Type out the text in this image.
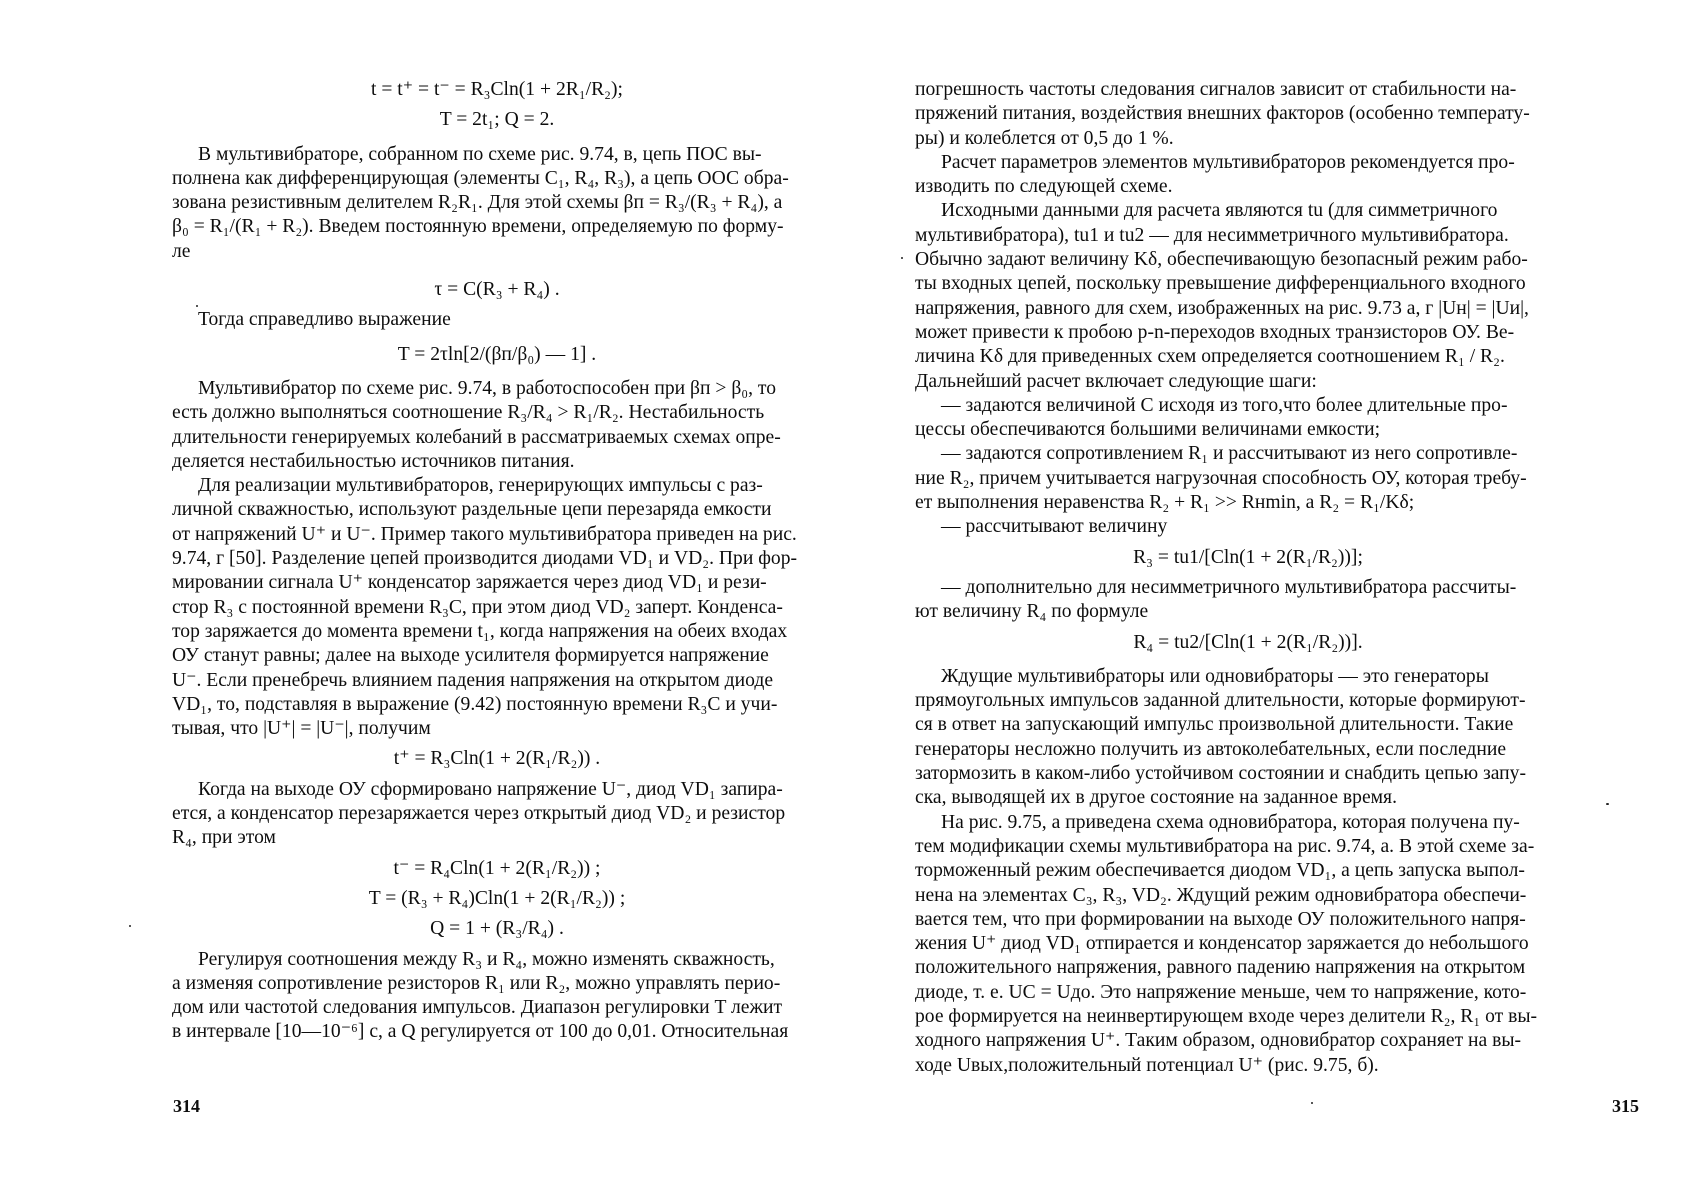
t = t⁺ = t⁻ = R₃Cln(1 + 2R₁/R₂);

T = 2t₁; Q = 2.

В мультивибраторе, собранном по схеме рис. 9.74, в, цепь ПОС вы-

полнена как дифференцирующая (элементы C₁, R₄, R₃), а цепь ООС обра-

зована резистивным делителем R₂R₁. Для этой схемы βп = R₃/(R₃ + R₄), а

β₀ = R₁/(R₁ + R₂). Введем постоянную времени, определяемую по форму-

ле

τ = C(R₃ + R₄) .

Тогда справедливо выражение

T = 2τln[2/(βп/β₀) — 1] .

Мультивибратор по схеме рис. 9.74, в работоспособен при βп > β₀, то

есть должно выполняться соотношение R₃/R₄ > R₁/R₂. Нестабильность

длительности генерируемых колебаний в рассматриваемых схемах опре-

деляется нестабильностью источников питания.

Для реализации мультивибраторов, генерирующих импульсы с раз-

личной скважностью, используют раздельные цепи перезаряда емкости

от напряжений U⁺ и U⁻. Пример такого мультивибратора приведен на рис.

9.74, г [50]. Разделение цепей производится диодами VD₁ и VD₂. При фор-

мировании сигнала U⁺ конденсатор заряжается через диод VD₁ и рези-

стор R₃ с постоянной времени R₃C, при этом диод VD₂ заперт. Конденса-

тор заряжается до момента времени t₁, когда напряжения на обеих входах

ОУ станут равны; далее на выходе усилителя формируется напряжение

U⁻. Если пренебречь влиянием падения напряжения на открытом диоде

VD₁, то, подставляя в выражение (9.42) постоянную времени R₃C и учи-

тывая, что |U⁺| = |U⁻|, получим

t⁺ = R₃Cln(1 + 2(R₁/R₂)) .

Когда на выходе ОУ сформировано напряжение U⁻, диод VD₁ запира-

ется, а конденсатор перезаряжается через открытый диод VD₂ и резистор

R₄, при этом

t⁻ = R₄Cln(1 + 2(R₁/R₂)) ;

T = (R₃ + R₄)Cln(1 + 2(R₁/R₂)) ;

Q = 1 + (R₃/R₄) .

Регулируя соотношения между R₃ и R₄, можно изменять скважность,

а изменяя сопротивление резисторов R₁ или R₂, можно управлять перио-

дом или частотой следования импульсов. Диапазон регулировки T лежит

в интервале [10—10⁻⁶] с, а Q регулируется от 100 до 0,01. Относительная

314

погрешность частоты следования сигналов зависит от стабильности на-

пряжений питания, воздействия внешних факторов (особенно температу-

ры) и колеблется от 0,5 до 1 %.

Расчет параметров элементов мультивибраторов рекомендуется про-

изводить по следующей схеме.

Исходными данными для расчета являются tu (для симметричного

мультивибратора), tu1 и tu2 — для несимметричного мультивибратора.

Обычно задают величину Kδ, обеспечивающую безопасный режим рабо-

ты входных цепей, поскольку превышение дифференциального входного

напряжения, равного для схем, изображенных на рис. 9.73 а, г |Uн| = |Uи|,

может привести к пробою p-n-переходов входных транзисторов ОУ. Ве-

личина Kδ для приведенных схем определяется соотношением R₁ / R₂.

Дальнейший расчет включает следующие шаги:

— задаются величиной C исходя из того,что более длительные про-

цессы обеспечиваются большими величинами емкости;

— задаются сопротивлением R₁ и рассчитывают из него сопротивле-

ние R₂, причем учитывается нагрузочная способность ОУ, которая требу-

ет выполнения неравенства R₂ + R₁ >> Rнmin, а R₂ = R₁/Kδ;

— рассчитывают величину

R₃ = tu1/[Cln(1 + 2(R₁/R₂))];

— дополнительно для несимметричного мультивибратора рассчиты-

ют величину R₄ по формуле

R₄ = tu2/[Cln(1 + 2(R₁/R₂))].

Ждущие мультивибраторы или одновибраторы — это генераторы

прямоугольных импульсов заданной длительности, которые формируют-

ся в ответ на запускающий импульс произвольной длительности. Такие

генераторы несложно получить из автоколебательных, если последние

затормозить в каком-либо устойчивом состоянии и снабдить цепью запу-

ска, выводящей их в другое состояние на заданное время.

На рис. 9.75, а приведена схема одновибратора, которая получена пу-

тем модификации схемы мультивибратора на рис. 9.74, а. В этой схеме за-

торможенный режим обеспечивается диодом VD₁, а цепь запуска выпол-

нена на элементах C₃, R₃, VD₂. Ждущий режим одновибратора обеспечи-

вается тем, что при формировании на выходе ОУ положительного напря-

жения U⁺ диод VD₁ отпирается и конденсатор заряжается до небольшого

положительного напряжения, равного падению напряжения на открытом

диоде, т. е. UC = Uдо. Это напряжение меньше, чем то напряжение, кото-

рое формируется на неинвертирующем входе через делители R₂, R₁ от вы-

ходного напряжения U⁺. Таким образом, одновибратор сохраняет на вы-

ходе Uвых,положительный потенциал U⁺ (рис. 9.75, б).

315
